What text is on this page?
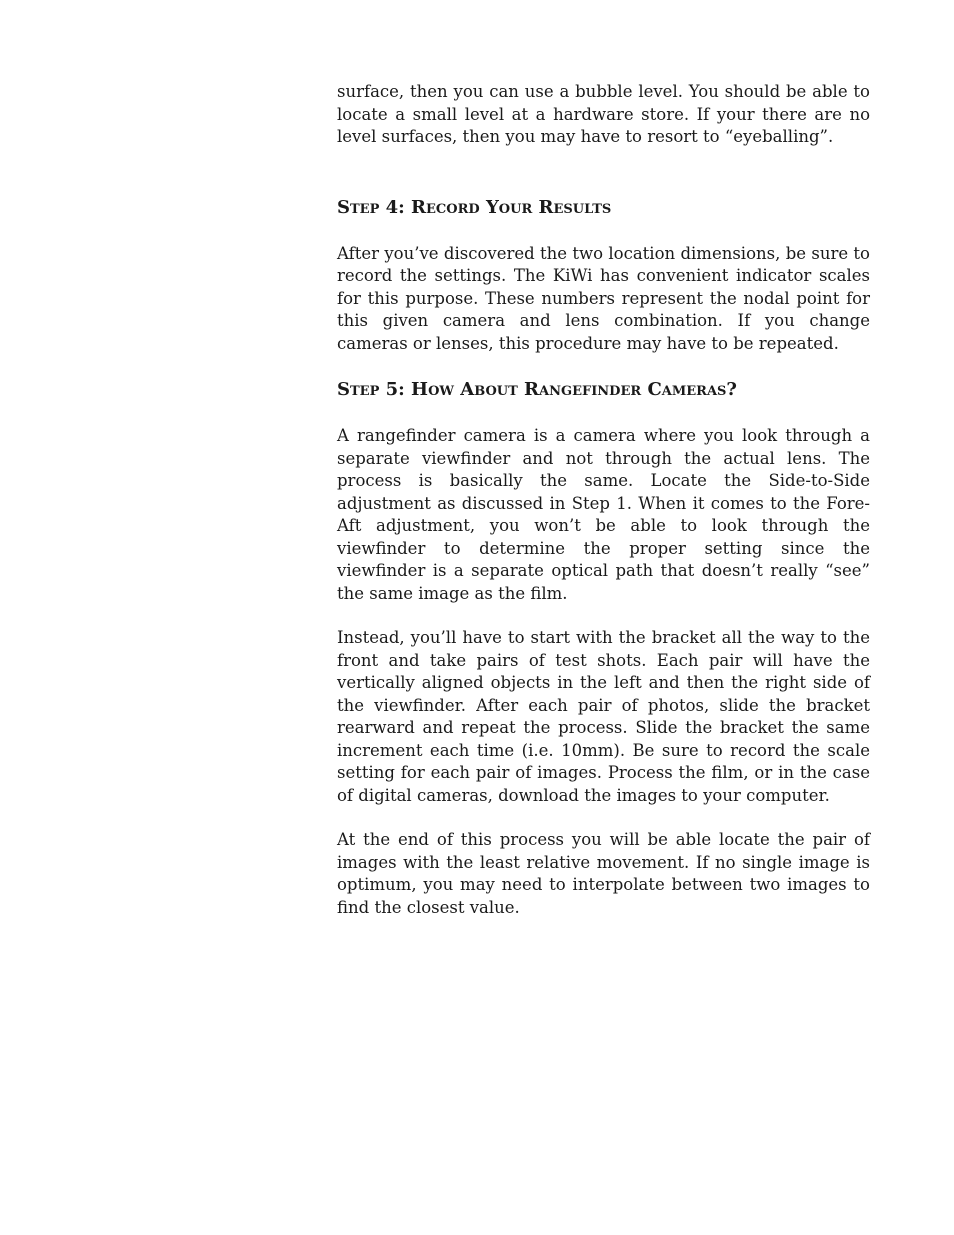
surface, then you can use a bubble level. You should be able to locate a small level at a hardware store. If your there are no level surfaces, then you may have to resort to “eyeballing”.

Step 4: Record Your Results

After you’ve discovered the two location dimensions, be sure to record the settings. The KiWi has convenient indicator scales for this purpose. These numbers represent the nodal point for this given camera and lens combination. If you change cameras or lenses, this procedure may have to be repeated.

Step 5: How About Rangefinder Cameras?

A rangefinder camera is a camera where you look through a separate viewfinder and not through the actual lens. The process is basically the same. Locate the Side-to-Side adjustment as discussed in Step 1. When it comes to the Fore-Aft adjustment, you won’t be able to look through the viewfinder to determine the proper setting since the viewfinder is a separate optical path that doesn’t really “see” the same image as the film.

Instead, you’ll have to start with the bracket all the way to the front and take pairs of test shots. Each pair will have the vertically aligned objects in the left and then the right side of the viewfinder. After each pair of photos, slide the bracket rearward and repeat the process. Slide the bracket the same increment each time (i.e. 10mm). Be sure to record the scale setting for each pair of images. Process the film, or in the case of digital cameras, download the images to your computer.

At the end of this process you will be able locate the pair of images with the least relative movement. If no single image is optimum, you may need to interpolate between two images to find the closest value.
